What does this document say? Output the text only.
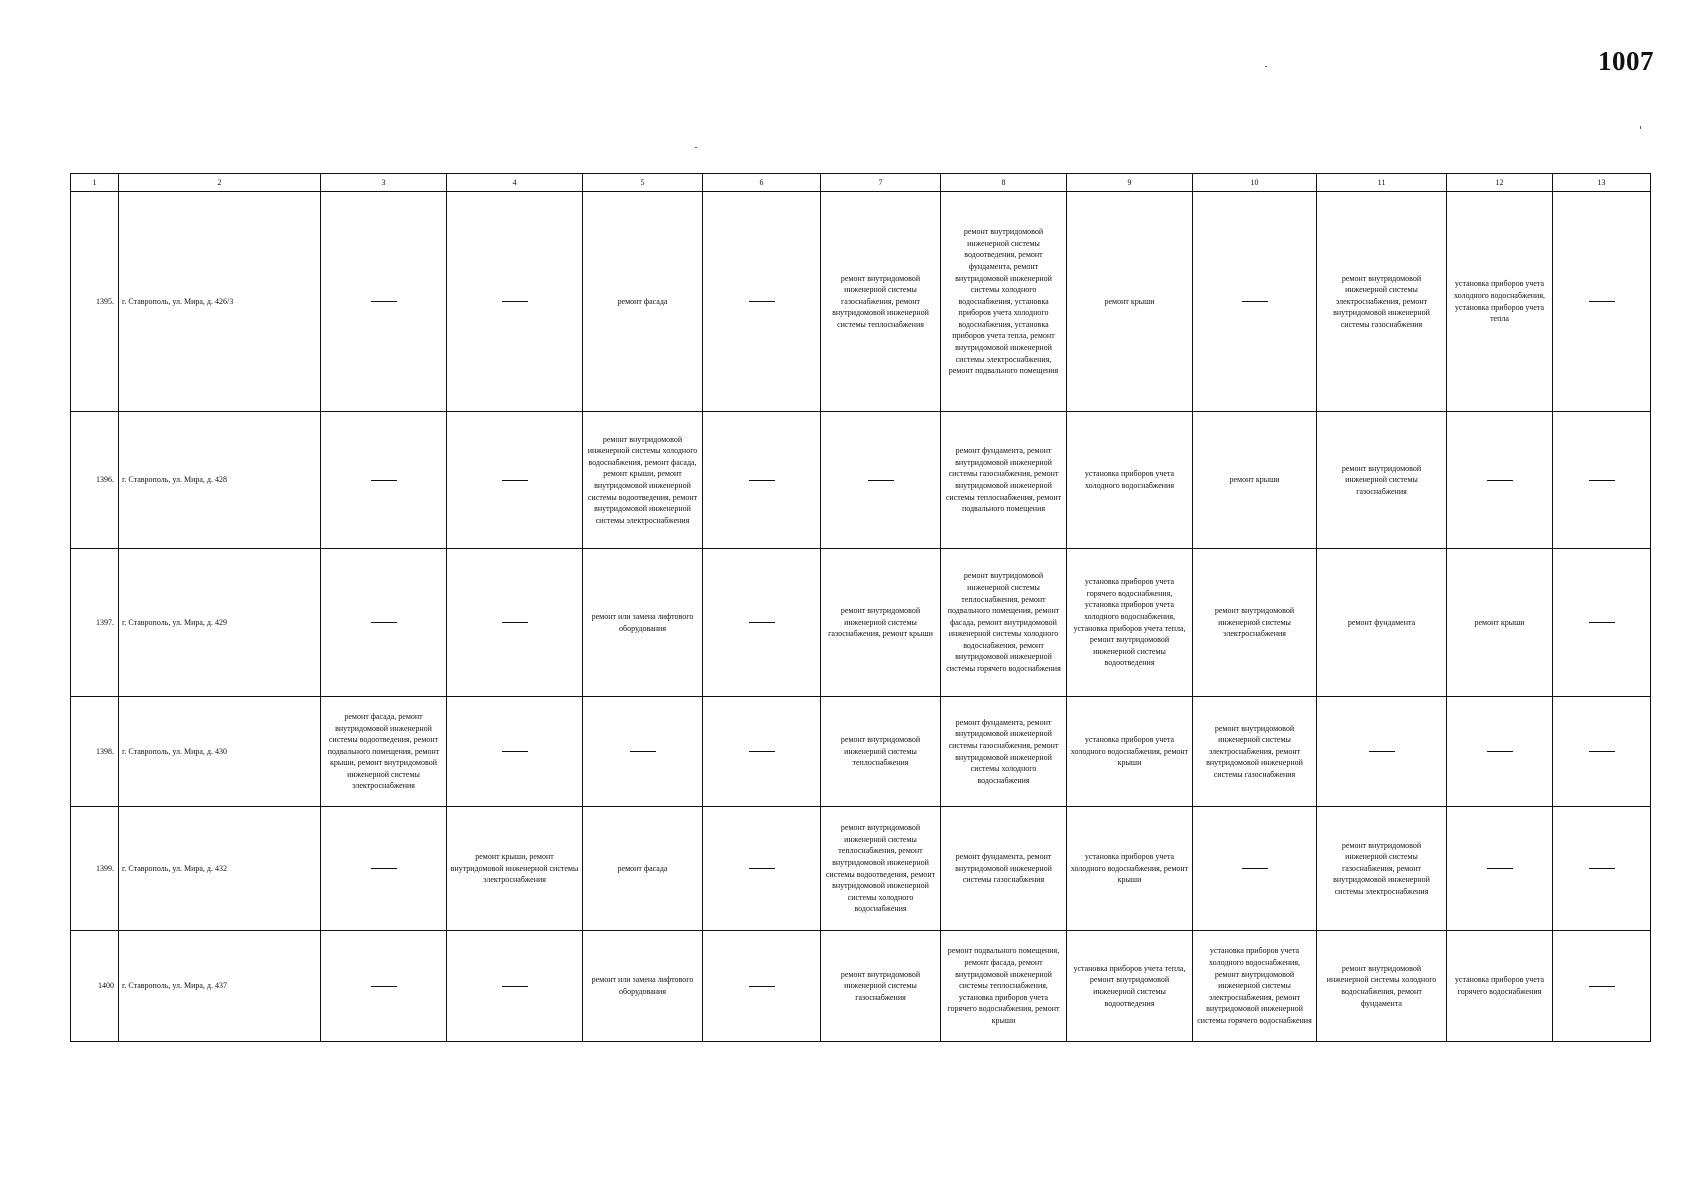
1007
1	2	3	4	5	6	7	8	9	10	11	12	13
1395.	г. Ставрополь, ул. Мира, д. 426/3			ремонт фасада		ремонт внутридомовой инженерной системы газоснабжения, ремонт внутридомовой инженерной системы теплоснабжения	ремонт внутридомовой инженерной системы водоотведения, ремонт фундамента, ремонт внутридомовой инженерной системы холодного водоснабжения, установка приборов учета холодного водоснабжения, установка приборов учета тепла, ремонт внутридомовой инженерной системы электроснабжения, ремонт подвального помещения	ремонт крыши		ремонт внутридомовой инженерной системы электроснабжения, ремонт внутридомовой инженерной системы газоснабжения	установка приборов учета холодного водоснабжения, установка приборов учета тепла	
1396.	г. Ставрополь, ул. Мира, д. 428			ремонт внутридомовой инженерной системы холодного водоснабжения, ремонт фасада, ремонт крыши, ремонт внутридомовой инженерной системы водоотведения, ремонт внутридомовой инженерной системы электроснабжения			ремонт фундамента, ремонт внутридомовой инженерной системы газоснабжения, ремонт внутридомовой инженерной системы теплоснабжения, ремонт подвального помещения	установка приборов учета холодного водоснабжения	ремонт крыши	ремонт внутридомовой инженерной системы газоснабжения		
1397.	г. Ставрополь, ул. Мира, д. 429			ремонт или замена лифтового оборудования		ремонт внутридомовой инженерной системы газоснабжения, ремонт крыши	ремонт внутридомовой инженерной системы теплоснабжения, ремонт подвального помещения, ремонт фасада, ремонт внутридомовой инженерной системы холодного водоснабжения, ремонт внутридомовой инженерной системы горячего водоснабжения	установка приборов учета горячего водоснабжения, установка приборов учета холодного водоснабжения, установка приборов учета тепла, ремонт внутридомовой инженерной системы водоотведения	ремонт внутридомовой инженерной системы электроснабжения	ремонт фундамента	ремонт крыши	
1398.	г. Ставрополь, ул. Мира, д. 430	ремонт фасада, ремонт внутридомовой инженерной системы водоотведения, ремонт подвального помещения, ремонт крыши, ремонт внутридомовой инженерной системы электроснабжения				ремонт внутридомовой инженерной системы теплоснабжения	ремонт фундамента, ремонт внутридомовой инженерной системы газоснабжения, ремонт внутридомовой инженерной системы холодного водоснабжения	установка приборов учета холодного водоснабжения, ремонт крыши	ремонт внутридомовой инженерной системы электроснабжения, ремонт внутридомовой инженерной системы газоснабжения			
1399.	г. Ставрополь, ул. Мира, д. 432		ремонт крыши, ремонт внутридомовой инженерной системы электроснабжения	ремонт фасада		ремонт внутридомовой инженерной системы теплоснабжения, ремонт внутридомовой инженерной системы водоотведения, ремонт внутридомовой инженерной системы холодного водоснабжения	ремонт фундамента, ремонт внутридомовой инженерной системы газоснабжения	установка приборов учета холодного водоснабжения, ремонт крыши		ремонт внутридомовой инженерной системы газоснабжения, ремонт внутридомовой инженерной системы электроснабжения		
1400	г. Ставрополь, ул. Мира, д. 437			ремонт или замена лифтового оборудования		ремонт внутридомовой инженерной системы газоснабжения	ремонт подвального помещения, ремонт фасада, ремонт внутридомовой инженерной системы теплоснабжения, установка приборов учета горячего водоснабжения, ремонт крыши	установка приборов учета тепла, ремонт внутридомовой инженерной системы водоотведения	установка приборов учета холодного водоснабжения, ремонт внутридомовой инженерной системы электроснабжения, ремонт внутридомовой инженерной системы горячего водоснабжения	ремонт внутридомовой инженерной системы холодного водоснабжения, ремонт фундамента	установка приборов учета горячего водоснабжения	
